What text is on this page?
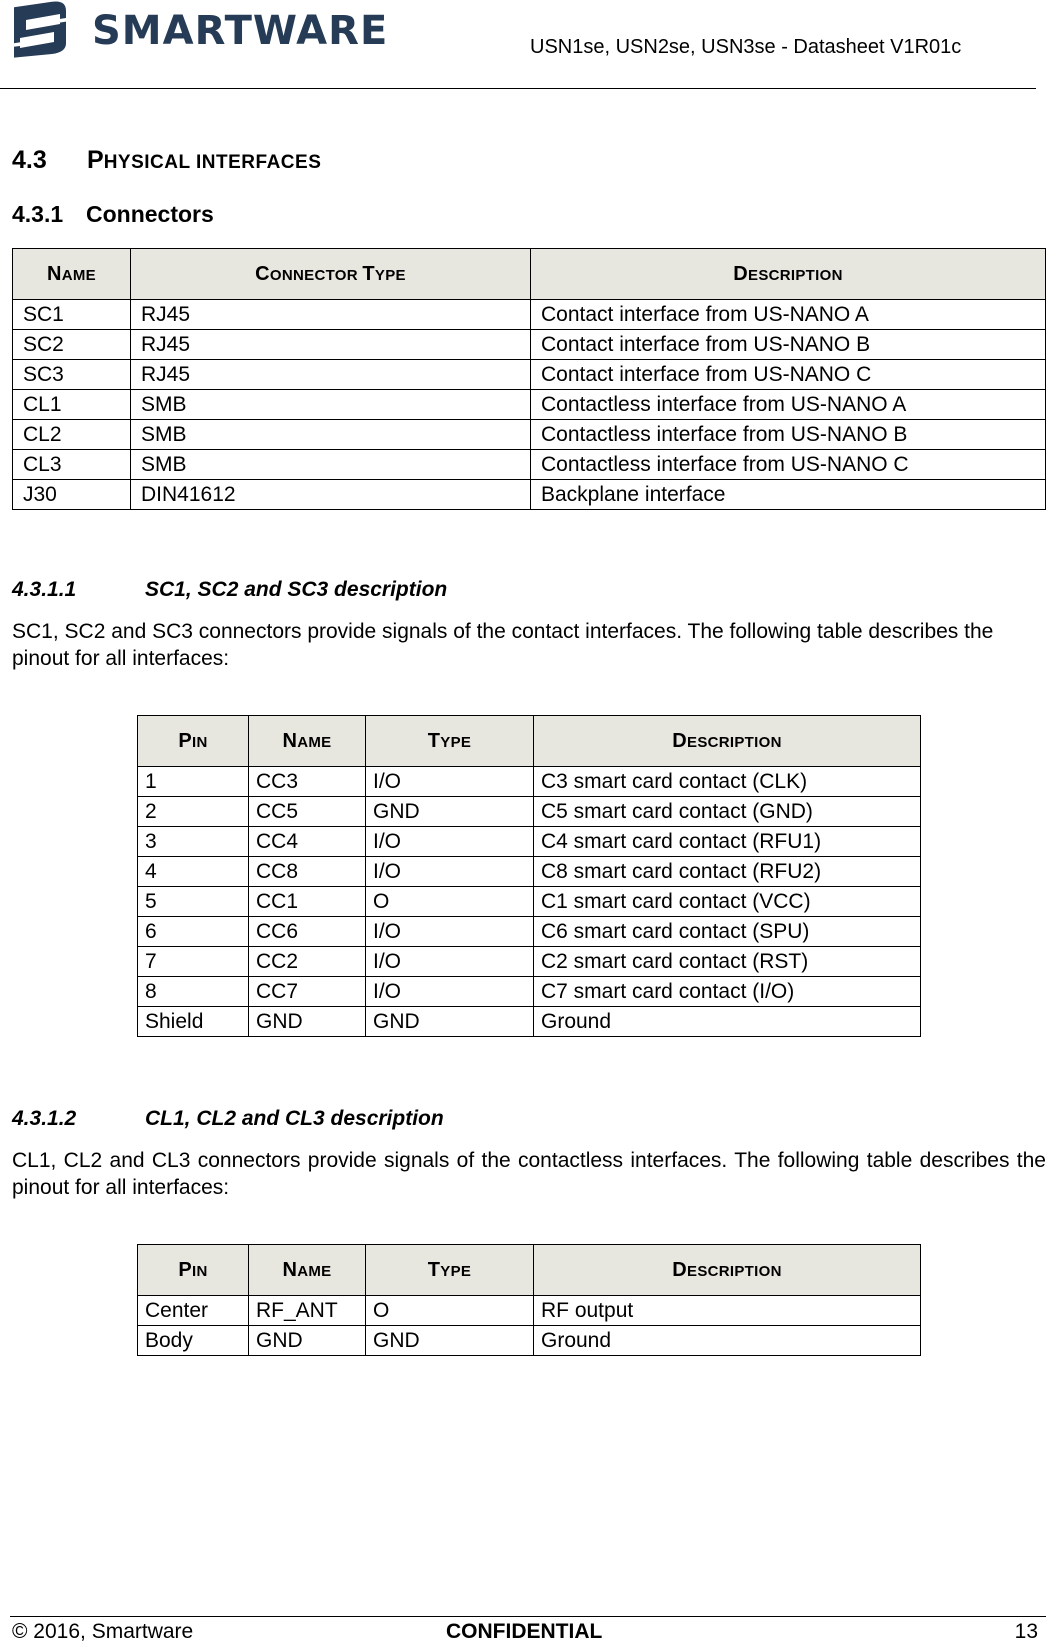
SMARTWARE	USN1se, USN2se, USN3se - Datasheet V1R01c
4.3 PHYSICAL INTERFACES
4.3.1 Connectors
NAME	CONNECTOR TYPE	DESCRIPTION
SC1	RJ45	Contact interface from US-NANO A
SC2	RJ45	Contact interface from US-NANO B
SC3	RJ45	Contact interface from US-NANO C
CL1	SMB	Contactless interface from US-NANO A
CL2	SMB	Contactless interface from US-NANO B
CL3	SMB	Contactless interface from US-NANO C
J30	DIN41612	Backplane interface
4.3.1.1	SC1, SC2 and SC3 description
SC1, SC2 and SC3 connectors provide signals of the contact interfaces. The following table describes the pinout for all interfaces:
PIN	NAME	TYPE	DESCRIPTION
1	CC3	I/O	C3 smart card contact (CLK)
2	CC5	GND	C5 smart card contact (GND)
3	CC4	I/O	C4 smart card contact (RFU1)
4	CC8	I/O	C8 smart card contact (RFU2)
5	CC1	O	C1 smart card contact (VCC)
6	CC6	I/O	C6 smart card contact (SPU)
7	CC2	I/O	C2 smart card contact (RST)
8	CC7	I/O	C7 smart card contact (I/O)
Shield	GND	GND	Ground
4.3.1.2	CL1, CL2 and CL3 description
CL1, CL2 and CL3 connectors provide signals of the contactless interfaces. The following table describes the pinout for all interfaces:
PIN	NAME	TYPE	DESCRIPTION
Center	RF_ANT	O	RF output
Body	GND	GND	Ground
© 2016, Smartware	CONFIDENTIAL	13
